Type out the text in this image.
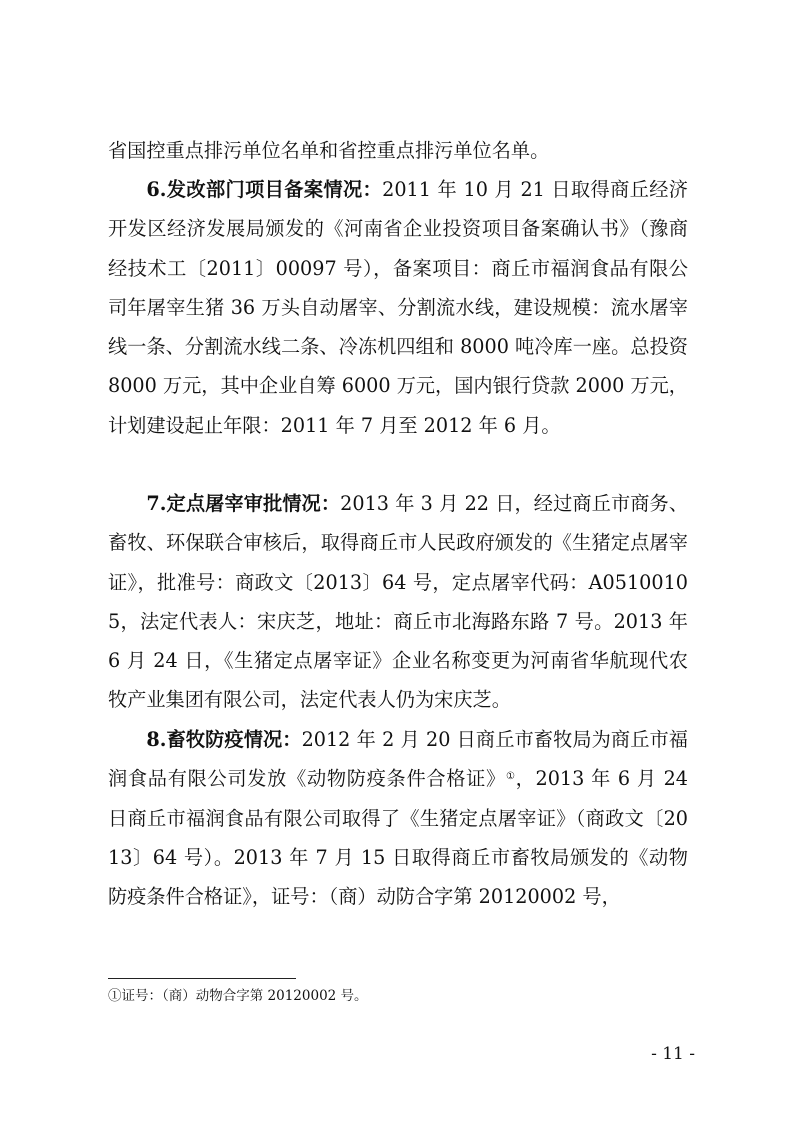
省国控重点排污单位名单和省控重点排污单位名单。

6.发改部门项目备案情况：2011 年 10 月 21 日取得商丘经济开发区经济发展局颁发的《河南省企业投资项目备案确认书》（豫商经技术工〔2011〕00097 号），备案项目：商丘市福润食品有限公司年屠宰生猪 36 万头自动屠宰、分割流水线，建设规模：流水屠宰线一条、分割流水线二条、冷冻机四组和 8000 吨冷库一座。总投资 8000 万元，其中企业自筹 6000 万元，国内银行贷款 2000 万元，计划建设起止年限：2011 年 7 月至 2012 年 6 月。

7.定点屠宰审批情况：2013 年 3 月 22 日，经过商丘市商务、畜牧、环保联合审核后，取得商丘市人民政府颁发的《生猪定点屠宰证》，批准号：商政文〔2013〕64 号，定点屠宰代码：A05100105，法定代表人：宋庆芝，地址：商丘市北海路东路 7 号。2013 年 6 月 24 日，《生猪定点屠宰证》企业名称变更为河南省华航现代农牧产业集团有限公司，法定代表人仍为宋庆芝。

8.畜牧防疫情况：2012 年 2 月 20 日商丘市畜牧局为商丘市福润食品有限公司发放《动物防疫条件合格证》①，2013 年 6 月 24 日商丘市福润食品有限公司取得了《生猪定点屠宰证》（商政文〔2013〕64 号）。2013 年 7 月 15 日取得商丘市畜牧局颁发的《动物防疫条件合格证》，证号：（商）动防合字第 20120002 号，

①证号：（商）动物合字第 20120002 号。

- 11 -
